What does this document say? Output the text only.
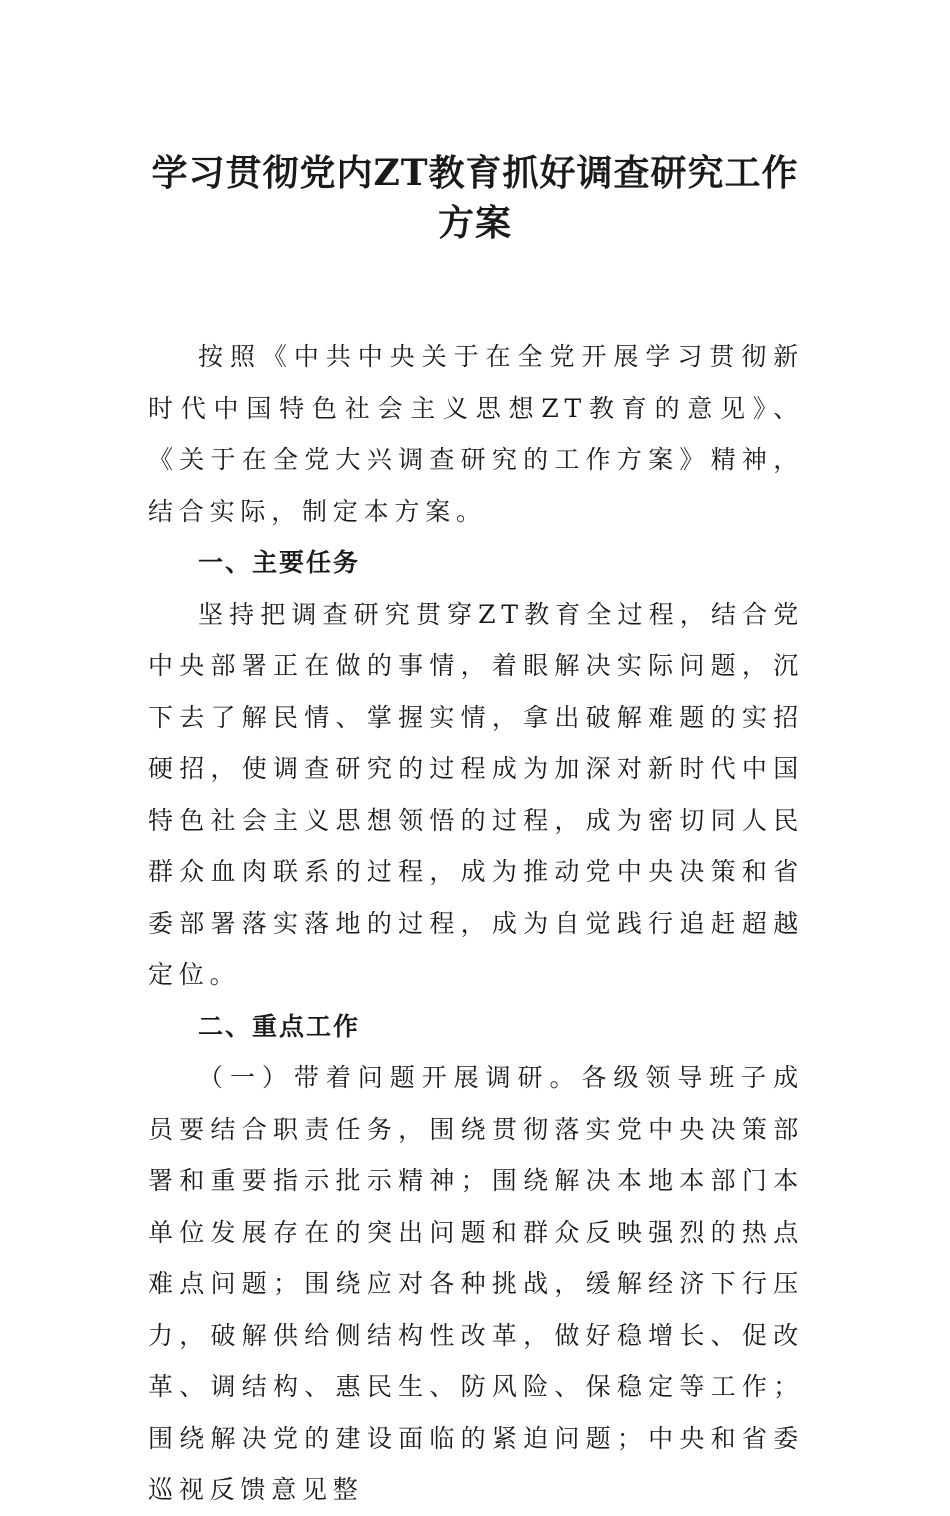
学习贯彻党内ZT教育抓好调查研究工作方案

按照《中共中央关于在全党开展学习贯彻新时代中国特色社会主义思想ZT教育的意见》、《关于在全党大兴调查研究的工作方案》精神，结合实际，制定本方案。

一、主要任务

坚持把调查研究贯穿ZT教育全过程，结合党中央部署正在做的事情，着眼解决实际问题，沉下去了解民情、掌握实情，拿出破解难题的实招硬招，使调查研究的过程成为加深对新时代中国特色社会主义思想领悟的过程，成为密切同人民群众血肉联系的过程，成为推动党中央决策和省委部署落实落地的过程，成为自觉践行追赶超越定位。

二、重点工作

（一）带着问题开展调研。各级领导班子成员要结合职责任务，围绕贯彻落实党中央决策部署和重要指示批示精神；围绕解决本地本部门本单位发展存在的突出问题和群众反映强烈的热点难点问题；围绕应对各种挑战，缓解经济下行压力，破解供给侧结构性改革，做好稳增长、促改革、调结构、惠民生、防风险、保稳定等工作；围绕解决党的建设面临的紧迫问题；中央和省委巡视反馈意见整
